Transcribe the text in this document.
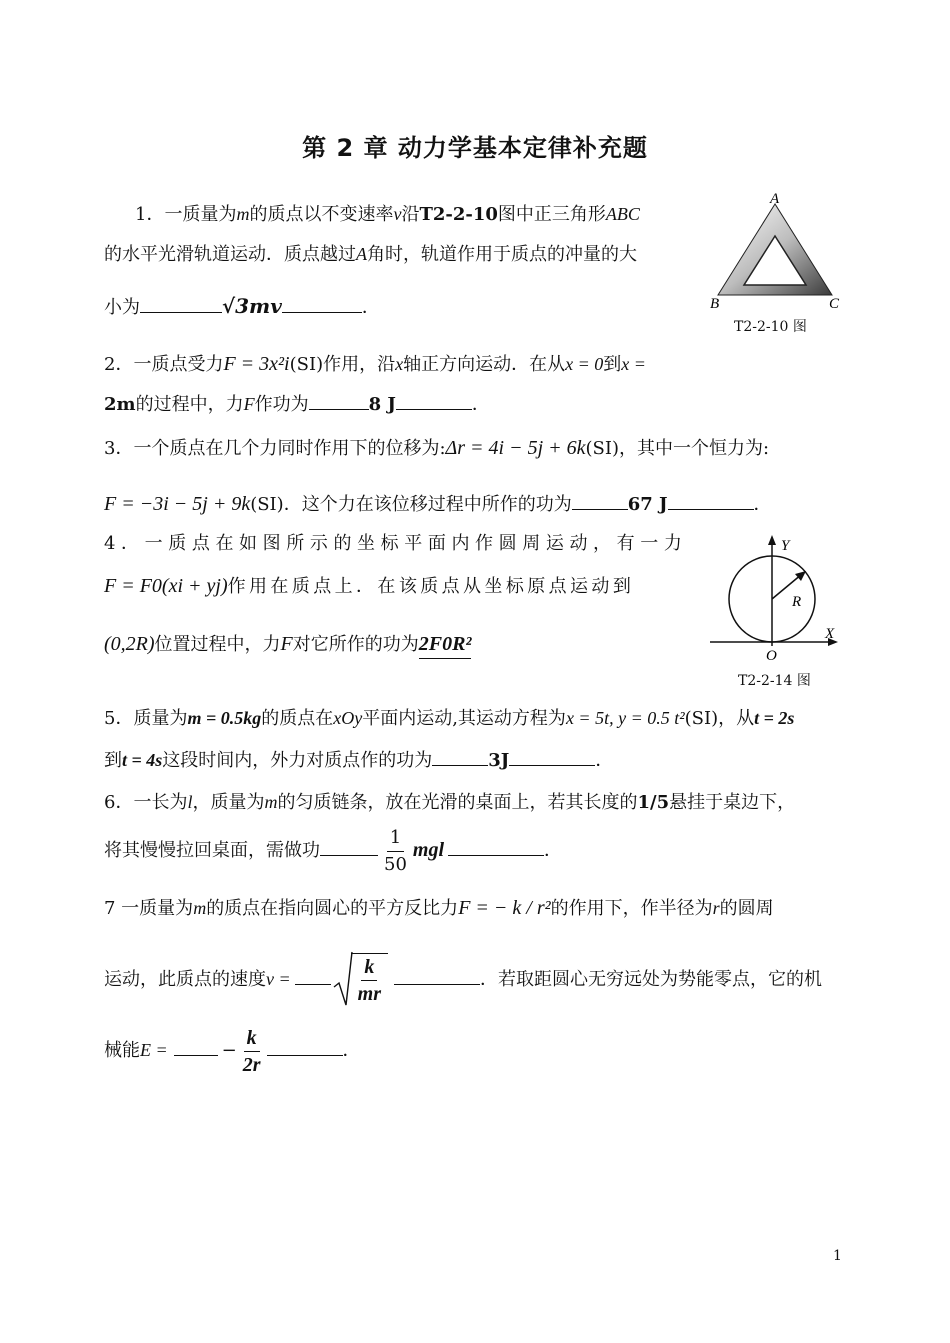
第 2 章 动力学基本定律补充题
1．一质量为m的质点以不变速率v沿T2-2-10图中正三角形ABC
的水平光滑轨道运动．质点越过A角时，轨道作用于质点的冲量的大
小为	√3mv	．
A
B	C
T2-2-10 图
2．一质点受力F = 3x²i(SI)作用，沿x轴正方向运动．在从x = 0到x =
2m的过程中，力F作功为	8 J	．
3．一个质点在几个力同时作用下的位移为:Δr = 4i − 5j + 6k(SI)，其中一个恒力为:
F = −3i − 5j + 9k(SI)．这个力在该位移过程中所作的功为	67 J	．
4．一质点在如图所示的坐标平面内作圆周运动，有一力
F = F0(xi + yj)作用在质点上．在该质点从坐标原点运动到
(0,2R)位置过程中，力F对它所作的功为2F0R²
Y
X
O
R
T2-2-14 图
5．质量为m = 0.5kg的质点在xOy平面内运动,其运动方程为x = 5t, y = 0.5 t²(SI)，从t = 2s
到t = 4s这段时间内，外力对质点作的功为	3J	．
6．一长为l，质量为m的匀质链条，放在光滑的桌面上，若其长度的1/5悬挂于桌边下，
将其慢慢拉回桌面，需做功	$\frac{1}{50}$ mgl	．
7 一质量为m的质点在指向圆心的平方反比力F = − k / r²的作用下，作半径为r的圆周
运动，此质点的速度v =	$\frac{k}{mr}$	．若取距圆心无穷远处为势能零点，它的机
械能E =	− $\frac{k}{2r}$	．
1
